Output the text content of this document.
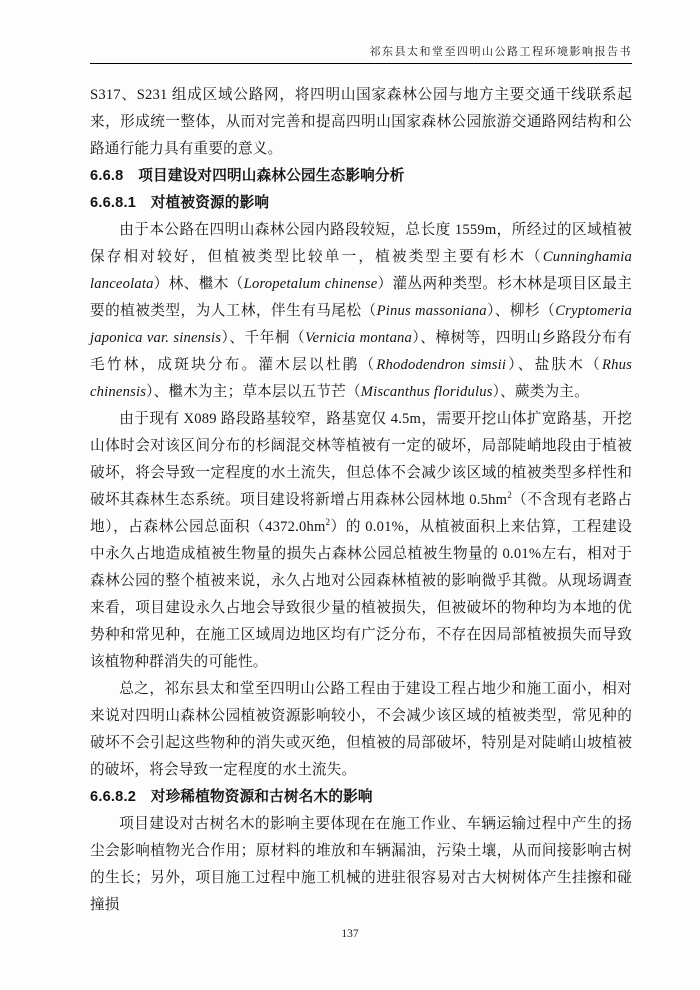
祁东县太和堂至四明山公路工程环境影响报告书

S317、S231 组成区域公路网，将四明山国家森林公园与地方主要交通干线联系起来，形成统一整体，从而对完善和提高四明山国家森林公园旅游交通路网结构和公路通行能力具有重要的意义。

6.6.8　项目建设对四明山森林公园生态影响分析

6.6.8.1　对植被资源的影响

由于本公路在四明山森林公园内路段较短，总长度 1559m，所经过的区域植被保存相对较好，但植被类型比较单一，植被类型主要有杉木（Cunninghamia lanceolata）林、檵木（Loropetalum chinense）灌丛两种类型。杉木林是项目区最主要的植被类型，为人工林，伴生有马尾松（Pinus massoniana）、柳杉（Cryptomeria japonica var. sinensis）、千年桐（Vernicia montana）、樟树等，四明山乡路段分布有毛竹林，成斑块分布。灌木层以杜鹃（Rhododendron simsii）、盐肤木（Rhus chinensis）、檵木为主；草本层以五节芒（Miscanthus floridulus）、蕨类为主。

由于现有 X089 路段路基较窄，路基宽仅 4.5m，需要开挖山体扩宽路基，开挖山体时会对该区间分布的杉阔混交林等植被有一定的破坏，局部陡峭地段由于植被破坏，将会导致一定程度的水土流失，但总体不会减少该区域的植被类型多样性和破坏其森林生态系统。项目建设将新增占用森林公园林地 $0.5hm^2$（不含现有老路占地），占森林公园总面积$(4372.0hm^2)$的 0.01%，从植被面积上来估算，工程建设中永久占地造成植被生物量的损失占森林公园总植被生物量的 0.01%左右，相对于森林公园的整个植被来说，永久占地对公园森林植被的影响微乎其微。从现场调查来看，项目建设永久占地会导致很少量的植被损失，但被破坏的物种均为本地的优势种和常见种，在施工区域周边地区均有广泛分布，不存在因局部植被损失而导致该植物种群消失的可能性。

总之，祁东县太和堂至四明山公路工程由于建设工程占地少和施工面小，相对来说对四明山森林公园植被资源影响较小，不会减少该区域的植被类型，常见种的破坏不会引起这些物种的消失或灭绝，但植被的局部破坏，特别是对陡峭山坡植被的破坏，将会导致一定程度的水土流失。

6.6.8.2　对珍稀植物资源和古树名木的影响

项目建设对古树名木的影响主要体现在在施工作业、车辆运输过程中产生的扬尘会影响植物光合作用；原材料的堆放和车辆漏油，污染土壤，从而间接影响古树的生长；另外，项目施工过程中施工机械的进驻很容易对古大树树体产生挂擦和碰撞损

137
